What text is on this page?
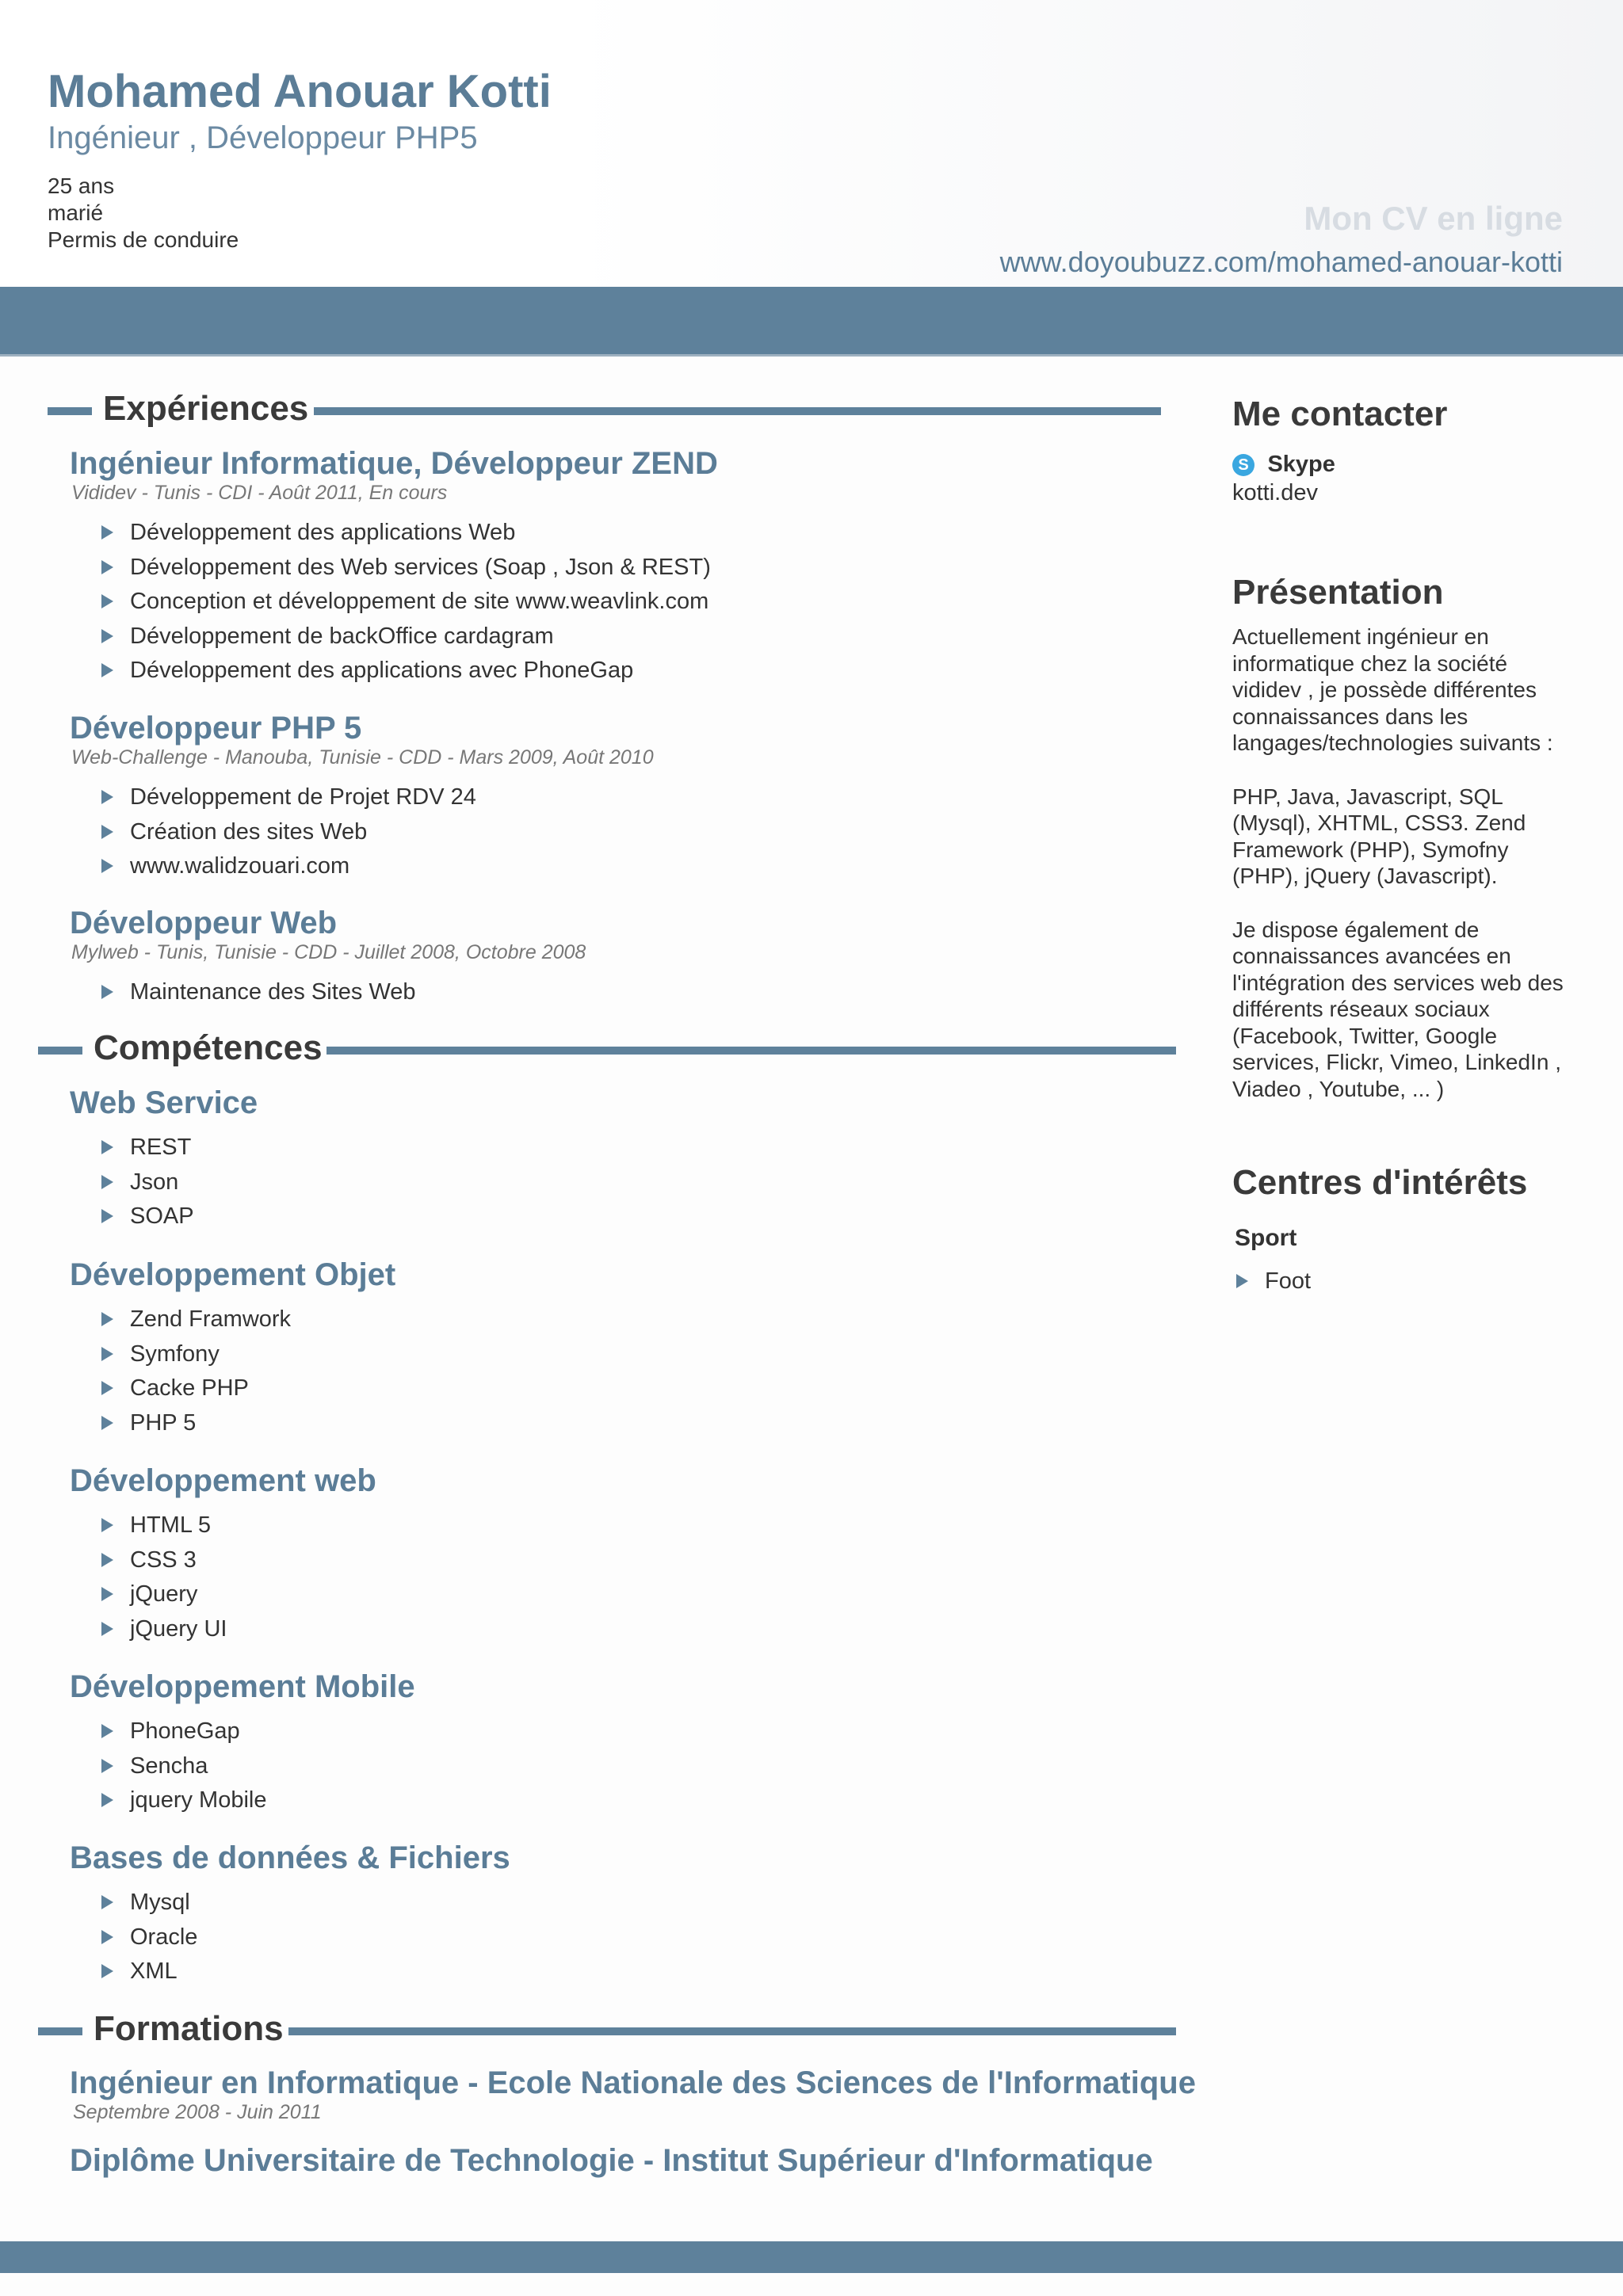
Mohamed Anouar Kotti
Ingénieur , Développeur PHP5
25 ans
marié
Permis de conduire
Mon CV en ligne
www.doyoubuzz.com/mohamed-anouar-kotti
Expériences
Ingénieur Informatique, Développeur ZEND
Vididev - Tunis - CDI - Août 2011, En cours
Développement des applications Web
Développement des Web services (Soap , Json & REST)
Conception et développement de site www.weavlink.com
Développement de backOffice cardagram
Développement des applications avec PhoneGap
Développeur PHP 5
Web-Challenge - Manouba, Tunisie - CDD - Mars 2009, Août 2010
Développement de Projet RDV 24
Création des sites Web
www.walidzouari.com
Développeur Web
Mylweb - Tunis, Tunisie - CDD - Juillet 2008, Octobre 2008
Maintenance des Sites Web
Compétences
Web Service
REST
Json
SOAP
Développement Objet
Zend Framwork
Symfony
Cacke PHP
PHP 5
Développement web
HTML 5
CSS 3
jQuery
jQuery UI
Développement Mobile
PhoneGap
Sencha
jquery Mobile
Bases de données & Fichiers
Mysql
Oracle
XML
Formations
Ingénieur en Informatique - Ecole Nationale des Sciences de l'Informatique
Septembre 2008 - Juin 2011
Diplôme Universitaire de Technologie - Institut Supérieur d'Informatique
Me contacter
S Skype
kotti.dev
Présentation

Actuellement ingénieur en informatique chez la société vididev , je possède différentes connaissances dans les langages/technologies suivants :

PHP, Java, Javascript, SQL (Mysql), XHTML, CSS3. Zend Framework (PHP), Symofny (PHP), jQuery (Javascript).

Je dispose également de connaissances avancées en l'intégration des services web des différents réseaux sociaux (Facebook, Twitter, Google services, Flickr, Vimeo, LinkedIn , Viadeo , Youtube, ... )

Centres d'intérêts
Sport
Foot
